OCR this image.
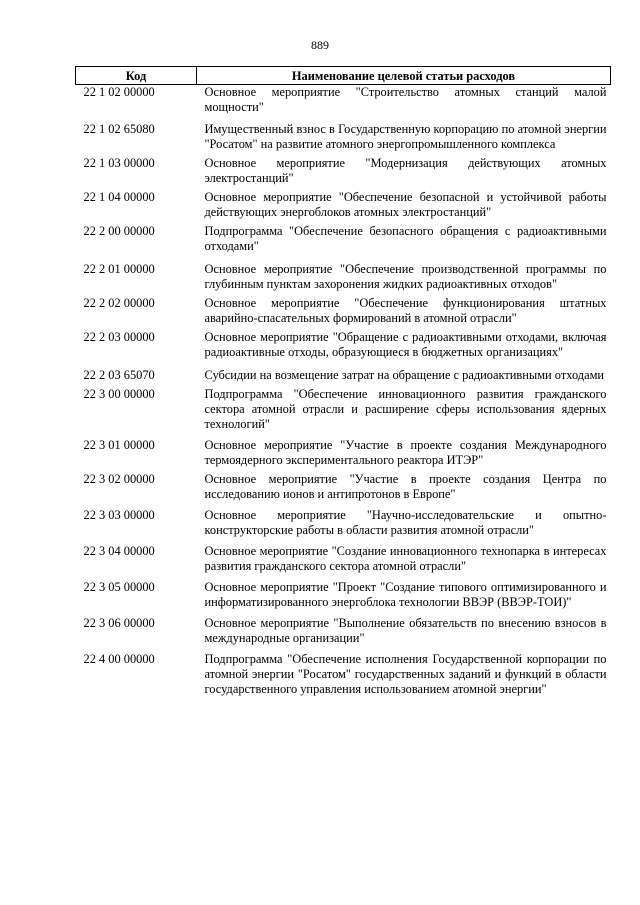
889
Код	Наименование целевой статьи расходов
22 1 02 00000	Основное мероприятие "Строительство атомных станций малой мощности"
22 1 02 65080	Имущественный взнос в Государственную корпорацию по атомной энергии "Росатом" на развитие атомного энергопромышленного комплекса
22 1 03 00000	Основное мероприятие "Модернизация действующих атомных электростанций"
22 1 04 00000	Основное мероприятие "Обеспечение безопасной и устойчивой работы действующих энергоблоков атомных электростанций"
22 2 00 00000	Подпрограмма "Обеспечение безопасного обращения с радиоактивными отходами"
22 2 01 00000	Основное мероприятие "Обеспечение производственной программы по глубинным пунктам захоронения жидких радиоактивных отходов"
22 2 02 00000	Основное мероприятие "Обеспечение функционирования штатных аварийно-спасательных формирований в атомной отрасли"
22 2 03 00000	Основное мероприятие "Обращение с радиоактивными отходами, включая радиоактивные отходы, образующиеся в бюджетных организациях"
22 2 03 65070	Субсидии на возмещение затрат на обращение с радиоактивными отходами
22 3 00 00000	Подпрограмма "Обеспечение инновационного развития гражданского сектора атомной отрасли и расширение сферы использования ядерных технологий"
22 3 01 00000	Основное мероприятие "Участие в проекте создания Международного термоядерного экспериментального реактора ИТЭР"
22 3 02 00000	Основное мероприятие "Участие в проекте создания Центра по исследованию ионов и антипротонов в Европе"
22 3 03 00000	Основное мероприятие "Научно-исследовательские и опытно-конструкторские работы в области развития атомной отрасли"
22 3 04 00000	Основное мероприятие "Создание инновационного технопарка в интересах развития гражданского сектора атомной отрасли"
22 3 05 00000	Основное мероприятие "Проект "Создание типового оптимизированного и информатизированного энергоблока технологии ВВЭР (ВВЭР-ТОИ)"
22 3 06 00000	Основное мероприятие "Выполнение обязательств по внесению взносов в международные организации"
22 4 00 00000	Подпрограмма "Обеспечение исполнения Государственной корпорации по атомной энергии "Росатом" государственных заданий и функций в области государственного управления использованием атомной энергии"
